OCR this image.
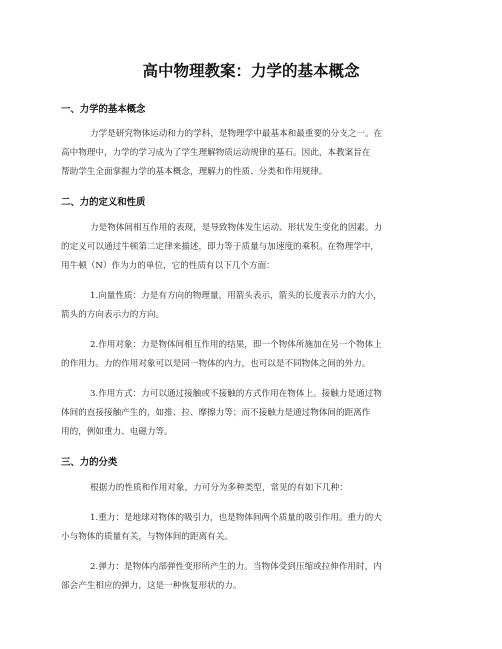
高中物理教案：力学的基本概念
一、力学的基本概念
力学是研究物体运动和力的学科，是物理学中最基本和最重要的分支之一。在
高中物理中，力学的学习成为了学生理解物质运动规律的基石。因此，本教案旨在
帮助学生全面掌握力学的基本概念，理解力的性质、分类和作用规律。
二、力的定义和性质
力是物体间相互作用的表现，是导致物体发生运动、形状发生变化的因素。力
的定义可以通过牛顿第二定律来描述，即力等于质量与加速度的乘积。在物理学中，
用牛顿（N）作为力的单位，它的性质有以下几个方面：
1.向量性质：力是有方向的物理量，用箭头表示，箭头的长度表示力的大小，
箭头的方向表示力的方向。
2.作用对象：力是物体间相互作用的结果，即一个物体所施加在另一个物体上
的作用力。力的作用对象可以是同一物体的内力，也可以是不同物体之间的外力。
3.作用方式：力可以通过接触或不接触的方式作用在物体上。接触力是通过物
体间的直接接触产生的，如推、拉、摩擦力等；而不接触力是通过物体间的距离作
用的，例如重力、电磁力等。
三、力的分类
根据力的性质和作用对象，力可分为多种类型，常见的有如下几种：
1.重力：是地球对物体的吸引力，也是物体间两个质量的吸引作用。重力的大
小与物体的质量有关，与物体间的距离有关。
2.弹力：是物体内部弹性变形所产生的力。当物体受到压缩或拉伸作用时，内
部会产生相应的弹力，这是一种恢复形状的力。
